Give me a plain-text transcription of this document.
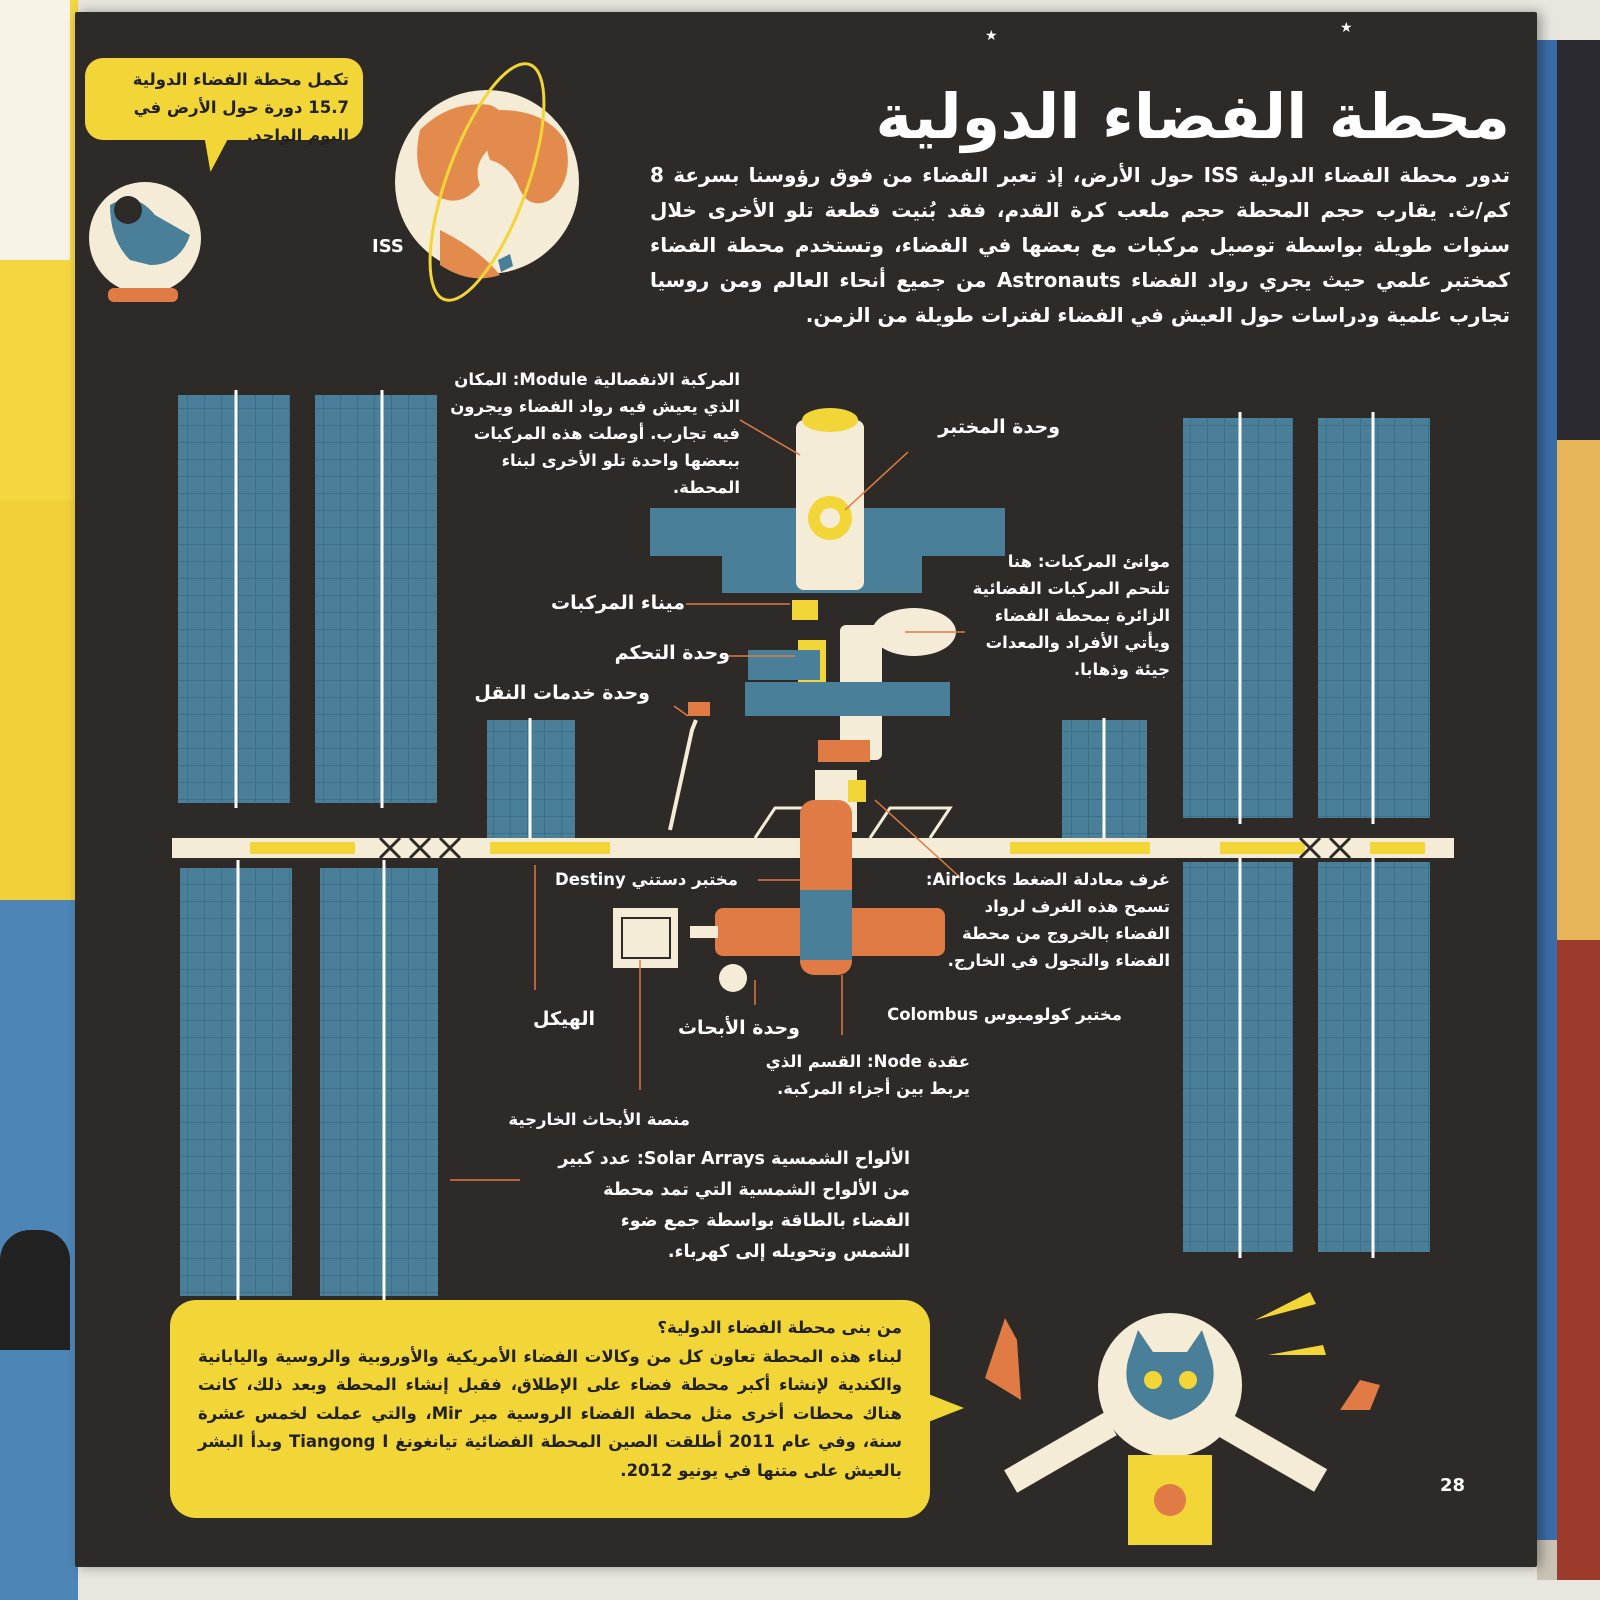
★	★
محطة الفضاء الدولية

تدور محطة الفضاء الدولية ISS حول الأرض، إذ تعبر الفضاء من فوق رؤوسنا بسرعة 8 كم/ث. يقارب حجم المحطة حجم ملعب كرة القدم، فقد بُنيت قطعة تلو الأخرى خلال سنوات طويلة بواسطة توصيل مركبات مع بعضها في الفضاء، وتستخدم محطة الفضاء كمختبر علمي حيث يجري رواد الفضاء Astronauts من جميع أنحاء العالم ومن روسيا تجارب علمية ودراسات حول العيش في الفضاء لفترات طويلة من الزمن.

تكمل محطة الفضاء الدولية 15.7 دورة حول الأرض في اليوم الواحد.
ISS
المركبة الانفصالية Module: المكان الذي يعيش فيه رواد الفضاء ويجرون فيه تجارب. أوصلت هذه المركبات ببعضها واحدة تلو الأخرى لبناء المحطة.
وحدة المختبر
موانئ المركبات: هنا تلتحم المركبات الفضائية الزائرة بمحطة الفضاء ويأتي الأفراد والمعدات جيئة وذهابا.
ميناء المركبات
وحدة التحكم
وحدة خدمات النقل
مختبر دستني Destiny	غرف معادلة الضغط Airlocks: تسمح هذه الغرف لرواد الفضاء بالخروج من محطة الفضاء والتجول في الخارج.
الهيكل	وحدة الأبحاث
مختبر كولومبوس Colombus
عقدة Node: القسم الذي يربط بين أجزاء المركبة.
منصة الأبحاث الخارجية
الألواح الشمسية Solar Arrays: عدد كبير من الألواح الشمسية التي تمد محطة الفضاء بالطاقة بواسطة جمع ضوء الشمس وتحويله إلى كهرباء.
من بنى محطة الفضاء الدولية؟
لبناء هذه المحطة تعاون كل من وكالات الفضاء الأمريكية والأوروبية والروسية واليابانية والكندية لإنشاء أكبر محطة فضاء على الإطلاق، فقبل إنشاء المحطة وبعد ذلك، كانت هناك محطات أخرى مثل محطة الفضاء الروسية مير Mir، والتي عملت لخمس عشرة سنة، وفي عام 2011 أطلقت الصين المحطة الفضائية تيانغونغ Tiangong I وبدأ البشر بالعيش على متنها في يونيو 2012.
28
